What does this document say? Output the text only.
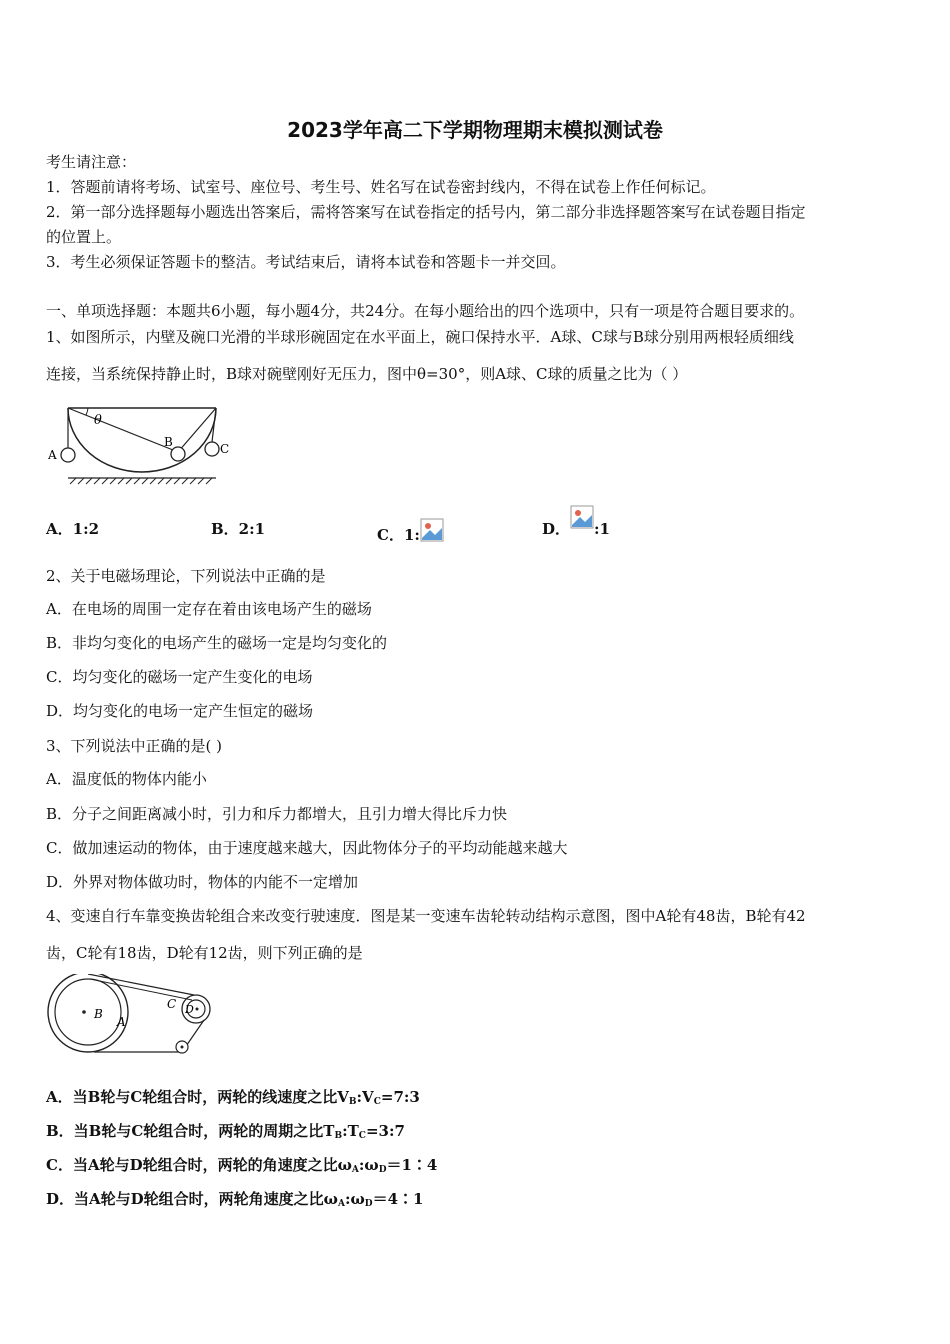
2023学年高二下学期物理期末模拟测试卷
考生请注意：
1．答题前请将考场、试室号、座位号、考生号、姓名写在试卷密封线内，不得在试卷上作任何标记。
2．第一部分选择题每小题选出答案后，需将答案写在试卷指定的括号内，第二部分非选择题答案写在试卷题目指定
的位置上。
3．考生必须保证答题卡的整洁。考试结束后，请将本试卷和答题卡一并交回。
一、单项选择题：本题共6小题，每小题4分，共24分。在每小题给出的四个选项中，只有一项是符合题目要求的。
1、如图所示，内壁及碗口光滑的半球形碗固定在水平面上，碗口保持水平．A球、C球与B球分别用两根轻质细线
连接，当系统保持静止时，B球对碗壁刚好无压力，图中θ=30°，则A球、C球的质量之比为（ ）
A
B	C
θ
A．1:2	B．2:1	C．1:	D． :1
2、关于电磁场理论，下列说法中正确的是
A．在电场的周围一定存在着由该电场产生的磁场
B．非均匀变化的电场产生的磁场一定是均匀变化的
C．均匀变化的磁场一定产生变化的电场
D．均匀变化的电场一定产生恒定的磁场
3、下列说法中正确的是( )
A．温度低的物体内能小
B．分子之间距离减小时，引力和斥力都增大，且引力增大得比斥力快
C．做加速运动的物体，由于速度越来越大，因此物体分子的平均动能越来越大
D．外界对物体做功时，物体的内能不一定增加
4、变速自行车靠变换齿轮组合来改变行驶速度．图是某一变速车齿轮转动结构示意图，图中A轮有48齿，B轮有42
齿，C轮有18齿，D轮有12齿，则下列正确的是
B
A
C D
A．当B轮与C轮组合时，两轮的线速度之比$V_B:V_C=7:3$
B．当B轮与C轮组合时，两轮的周期之比$T_B:T_C=3:7$
C．当A轮与D轮组合时，两轮的角速度之比$\omega_A:\omega_D=1∶4$
D．当A轮与D轮组合时，两轮角速度之比$\omega_A:\omega_D=4∶1$
